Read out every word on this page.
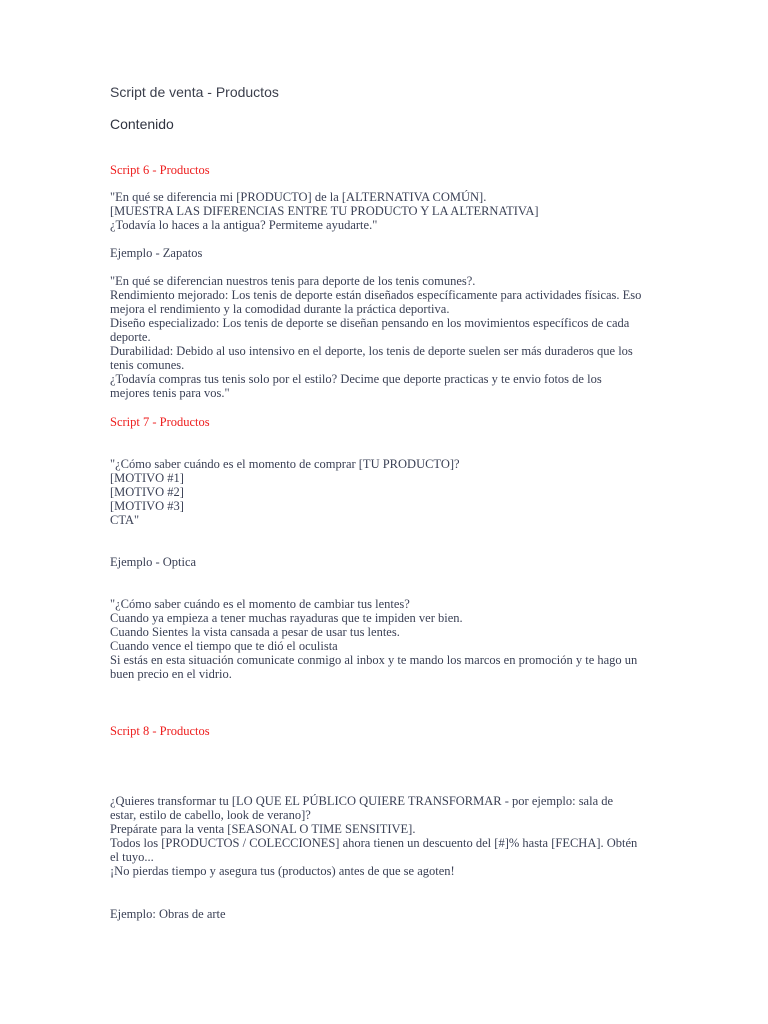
Script de venta - Productos
Contenido
Script 6 - Productos
"En qué se diferencia mi [PRODUCTO] de la [ALTERNATIVA COMÚN].
[MUESTRA LAS DIFERENCIAS ENTRE TU PRODUCTO Y LA ALTERNATIVA]
¿Todavía lo haces a la antigua? Permiteme ayudarte."

Ejemplo - Zapatos

"En qué se diferencian nuestros tenis para deporte de los tenis comunes?.
Rendimiento mejorado: Los tenis de deporte están diseñados específicamente para actividades físicas. Eso
mejora el rendimiento y la comodidad durante la práctica deportiva.
Diseño especializado: Los tenis de deporte se diseñan pensando en los movimientos específicos de cada
deporte.
Durabilidad: Debido al uso intensivo en el deporte, los tenis de deporte suelen ser más duraderos que los
tenis comunes.
¿Todavía compras tus tenis solo por el estilo? Decime que deporte practicas y te envio fotos de los
mejores tenis para vos."
Script 7 - Productos
"¿Cómo saber cuándo es el momento de comprar [TU PRODUCTO]?
[MOTIVO #1]
[MOTIVO #2]
[MOTIVO #3]
CTA"

Ejemplo - Optica

"¿Cómo saber cuándo es el momento de cambiar tus lentes?
Cuando ya empieza a tener muchas rayaduras que te impiden ver bien.
Cuando Sientes la vista cansada a pesar de usar tus lentes.
Cuando vence el tiempo que te dió el oculista
Si estás en esta situación comunicate conmigo al inbox y te mando los marcos en promoción y te hago un
buen precio en el vidrio.
Script 8 - Productos
¿Quieres transformar tu [LO QUE EL PÚBLICO QUIERE TRANSFORMAR - por ejemplo: sala de
estar, estilo de cabello, look de verano]?
Prepárate para la venta [SEASONAL O TIME SENSITIVE].
Todos los [PRODUCTOS / COLECCIONES] ahora tienen un descuento del [#]% hasta [FECHA]. Obtén
el tuyo...
¡No pierdas tiempo y asegura tus (productos) antes de que se agoten!

Ejemplo: Obras de arte
